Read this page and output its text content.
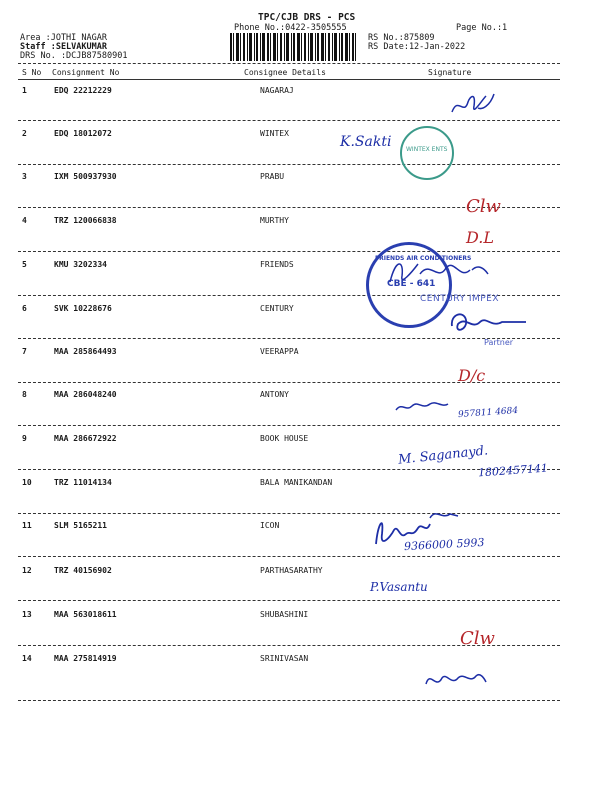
TPC/CJB DRS - PCS
Phone No.:0422-3505555
Area :JOTHI NAGAR
Staff :SELVAKUMAR
DRS No. :DCJB87580901
RS No.:875809
RS Date:12-Jan-2022
Page No.:1
S No Consignment No	Consignee Details	Signature
1	EDQ 22212229	NAGARAJ
2	EDQ 18012072	WINTEX
3	IXM 500937930	PRABU
4	TRZ 120066838	MURTHY
5	KMU 3202334	FRIENDS
6	SVK 10228676	CENTURY
7	MAA 285864493	VEERAPPA
8	MAA 286048240	ANTONY
9	MAA 286672922	BOOK HOUSE
10	TRZ 11014134	BALA MANIKANDAN
11	SLM 5165211	ICON
12	TRZ 40156902	PARTHASARATHY
13	MAA 563018611	SHUBASHINI
14	MAA 275814919	SRINIVASAN
K.Sakti WINTEX ENTS
Clw
D.L
FRIENDS AIR CONDITIONERS
CBE - 641
CENTURY IMPEX
Partner
D/c
957811 4684
M. Saganayd.
1802457141
9366000 5993
P.Vasantu
Clw
